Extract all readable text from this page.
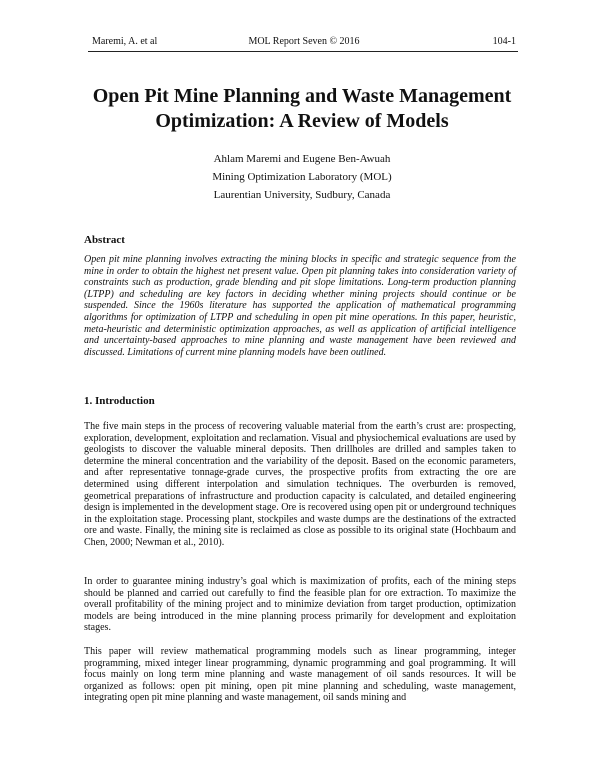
Maremi, A. et al	MOL Report Seven © 2016	104-1
Open Pit Mine Planning and Waste Management
Optimization: A Review of Models
Ahlam Maremi and Eugene Ben-Awuah
Mining Optimization Laboratory (MOL)
Laurentian University, Sudbury, Canada
Abstract

Open pit mine planning involves extracting the mining blocks in specific and strategic sequence from the mine in order to obtain the highest net present value. Open pit planning takes into consideration variety of constraints such as production, grade blending and pit slope limitations. Long-term production planning (LTPP) and scheduling are key factors in deciding whether mining projects should continue or be suspended. Since the 1960s literature has supported the application of mathematical programming algorithms for optimization of LTPP and scheduling in open pit mine operations. In this paper, heuristic, meta-heuristic and deterministic optimization approaches, as well as application of artificial intelligence and uncertainty-based approaches to mine planning and waste management have been reviewed and discussed. Limitations of current mine planning models have been outlined.

1. Introduction

The five main steps in the process of recovering valuable material from the earth’s crust are: prospecting, exploration, development, exploitation and reclamation. Visual and physiochemical evaluations are used by geologists to discover the valuable mineral deposits. Then drillholes are drilled and samples taken to determine the mineral concentration and the variability of the deposit. Based on the economic parameters, and after representative tonnage-grade curves, the prospective profits from extracting the ore are determined using different interpolation and simulation techniques. The overburden is removed, geometrical preparations of infrastructure and production capacity is calculated, and detailed engineering design is implemented in the development stage. Ore is recovered using open pit or underground techniques in the exploitation stage. Processing plant, stockpiles and waste dumps are the destinations of the extracted ore and waste. Finally, the mining site is reclaimed as close as possible to its original state (Hochbaum and Chen, 2000; Newman et al., 2010).

In order to guarantee mining industry’s goal which is maximization of profits, each of the mining steps should be planned and carried out carefully to find the feasible plan for ore extraction. To maximize the overall profitability of the mining project and to minimize deviation from target production, optimization models are being introduced in the mine planning process primarily for development and exploitation stages.

This paper will review mathematical programming models such as linear programming, integer programming, mixed integer linear programming, dynamic programming and goal programming. It will focus mainly on long term mine planning and waste management of oil sands resources. It will be organized as follows: open pit mining, open pit mine planning and scheduling, waste management, integrating open pit mine planning and waste management, oil sands mining and
